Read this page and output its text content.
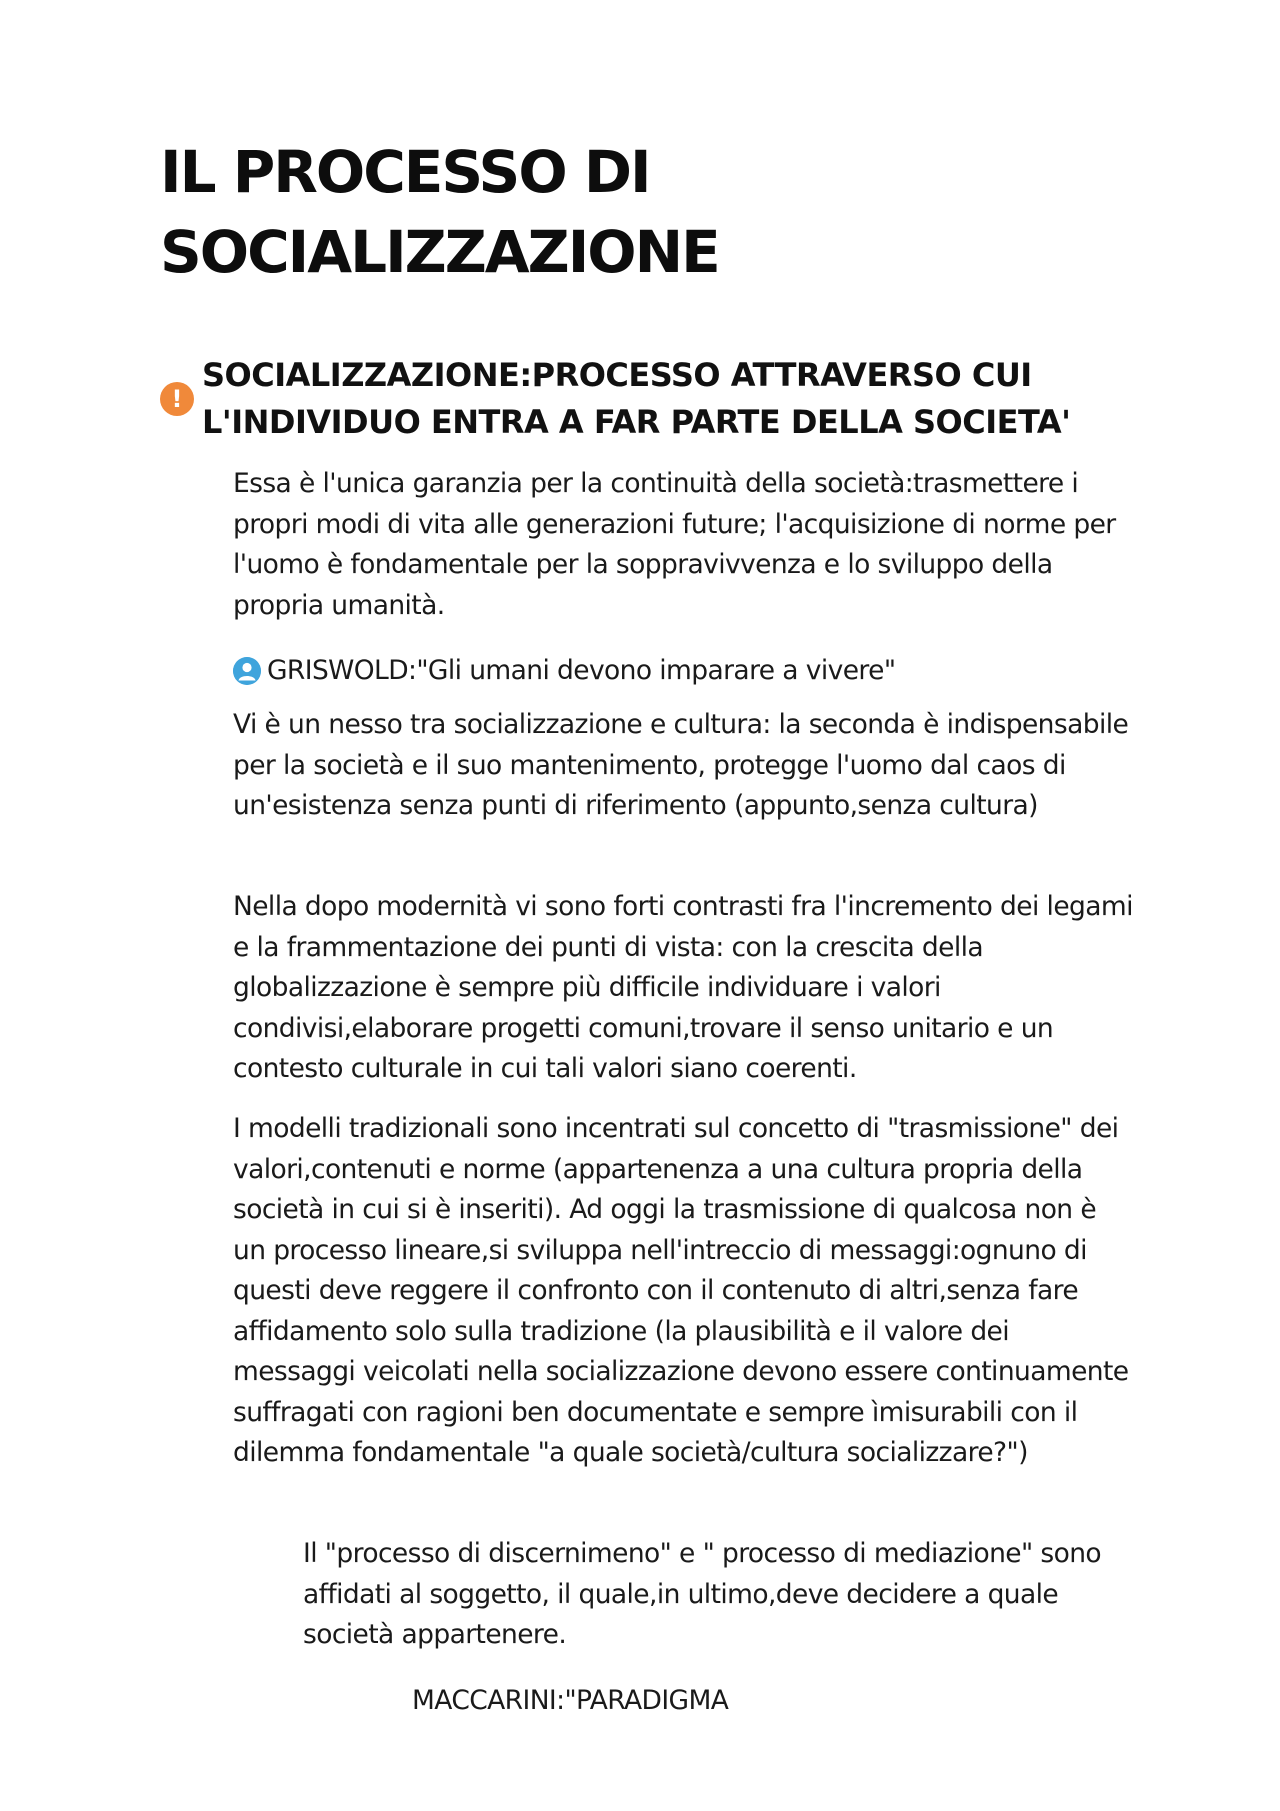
IL PROCESSO DI SOCIALIZZAZIONE
!

SOCIALIZZAZIONE:PROCESSO ATTRAVERSO CUI L'INDIVIDUO ENTRA A FAR PARTE DELLA SOCIETA'

Essa è l'unica garanzia per la continuità della società:trasmettere i propri modi di vita alle generazioni future; l'acquisizione di norme per l'uomo è fondamentale per la soppravivvenza e lo sviluppo della propria umanità.

GRISWOLD:"Gli umani devono imparare a vivere"

Vi è un nesso tra socializzazione e cultura: la seconda è indispensabile per la società e il suo mantenimento, protegge l'uomo dal caos di un'esistenza senza punti di riferimento (appunto,senza cultura)

Nella dopo modernità vi sono forti contrasti fra l'incremento dei legami e la frammentazione dei punti di vista: con la crescita della globalizzazione è sempre più difficile individuare i valori condivisi,elaborare progetti comuni,trovare il senso unitario e un contesto culturale in cui tali valori siano coerenti.

I modelli tradizionali sono incentrati sul concetto di "trasmissione" dei valori,contenuti e norme (appartenenza a una cultura propria della società in cui si è inseriti). Ad oggi la trasmissione di qualcosa non è un processo lineare,si sviluppa nell'intreccio di messaggi:ognuno di questi deve reggere il confronto con il contenuto di altri,senza fare affidamento solo sulla tradizione (la plausibilità e il valore dei messaggi veicolati nella socializzazione devono essere continuamente suffragati con ragioni ben documentate e sempre ìmisurabili con il dilemma fondamentale "a quale società/cultura socializzare?")

Il "processo di discernimeno" e " processo di mediazione" sono affidati al soggetto, il quale,in ultimo,deve decidere a quale società appartenere.

MACCARINI:"PARADIGMA
